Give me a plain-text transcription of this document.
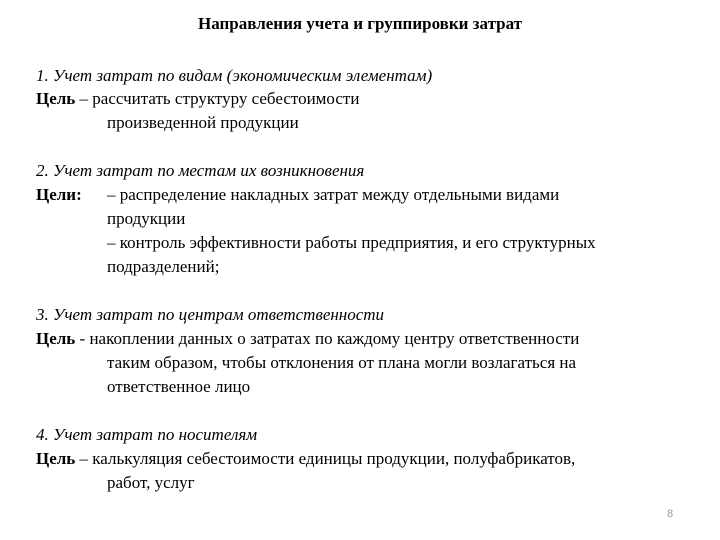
Направления учета и группировки затрат
1. Учет затрат по видам (экономическим элементам)
Цель – рассчитать структуру себестоимости
произведенной продукции
2. Учет затрат по местам их возникновения
Цели: – распределение накладных затрат между отдельными видами
продукции
– контроль эффективности работы предприятия, и его структурных
подразделений;
3. Учет затрат по центрам ответственности
Цель - накоплении данных о затратах по каждому центру ответственности
таким образом, чтобы отклонения от плана могли возлагаться на
ответственное лицо
4. Учет затрат по носителям
Цель – калькуляция себестоимости единицы продукции, полуфабрикатов,
работ, услуг
8
